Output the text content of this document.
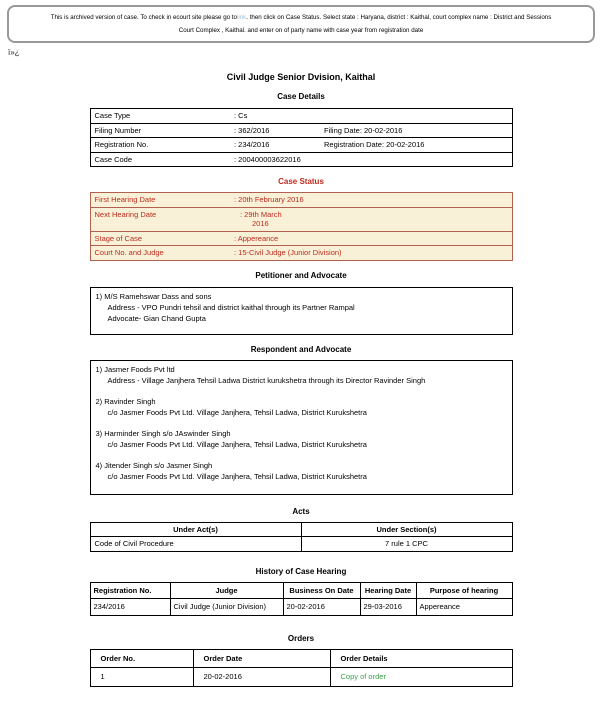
This is archived version of case. To check in ecourt site please go tolink. then click on Case Status. Select state : Haryana, district : Kaithal, court complex name : District and Sessions
Court Complex , Kaithal. and enter on of party name with case year from registration date
ï»¿
Civil Judge Senior Dvision, Kaithal
Case Details
Case Type	: Cs	
Filing Number	: 362/2016	Filing Date: 20-02-2016
Registration No.	: 234/2016	Registration Date: 20-02-2016
Case Code	: 200400003622016	
Case Status
First Hearing Date	: 20th February 2016
Next Hearing Date	: 29th March
2016

Stage of Case	: Appereance
Court No. and Judge	: 15-Civil Judge (Junior Division)
Petitioner and Advocate
1) M/S Ramehswar Dass and sons
Address - VPO Pundri tehsil and district kaithal through its Partner Rampal
Advocate- Gian Chand Gupta
Respondent and Advocate
1) Jasmer Foods Pvt ltd
Address - Village Janjhera Tehsil Ladwa District kurukshetra through its Director Ravinder Singh
2) Ravinder Singh
c/o Jasmer Foods Pvt Ltd. Village Janjhera, Tehsil Ladwa, District Kurukshetra
3) Harminder Singh s/o JAswinder Singh
c/o Jasmer Foods Pvt Ltd. Village Janjhera, Tehsil Ladwa, District Kurukshetra
4) Jitender Singh s/o Jasmer Singh
c/o Jasmer Foods Pvt Ltd. Village Janjhera, Tehsil Ladwa, District Kurukshetra
Acts
Under Act(s)	Under Section(s)
Code of Civil Procedure	7 rule 1 CPC
History of Case Hearing
Registration No.	Judge	Business On Date	Hearing Date	Purpose of hearing
234/2016	Civil Judge (Junior Division)	20-02-2016	29-03-2016	Appereance
Orders
Order No.	Order Date	Order Details
1	20-02-2016	Copy of order
